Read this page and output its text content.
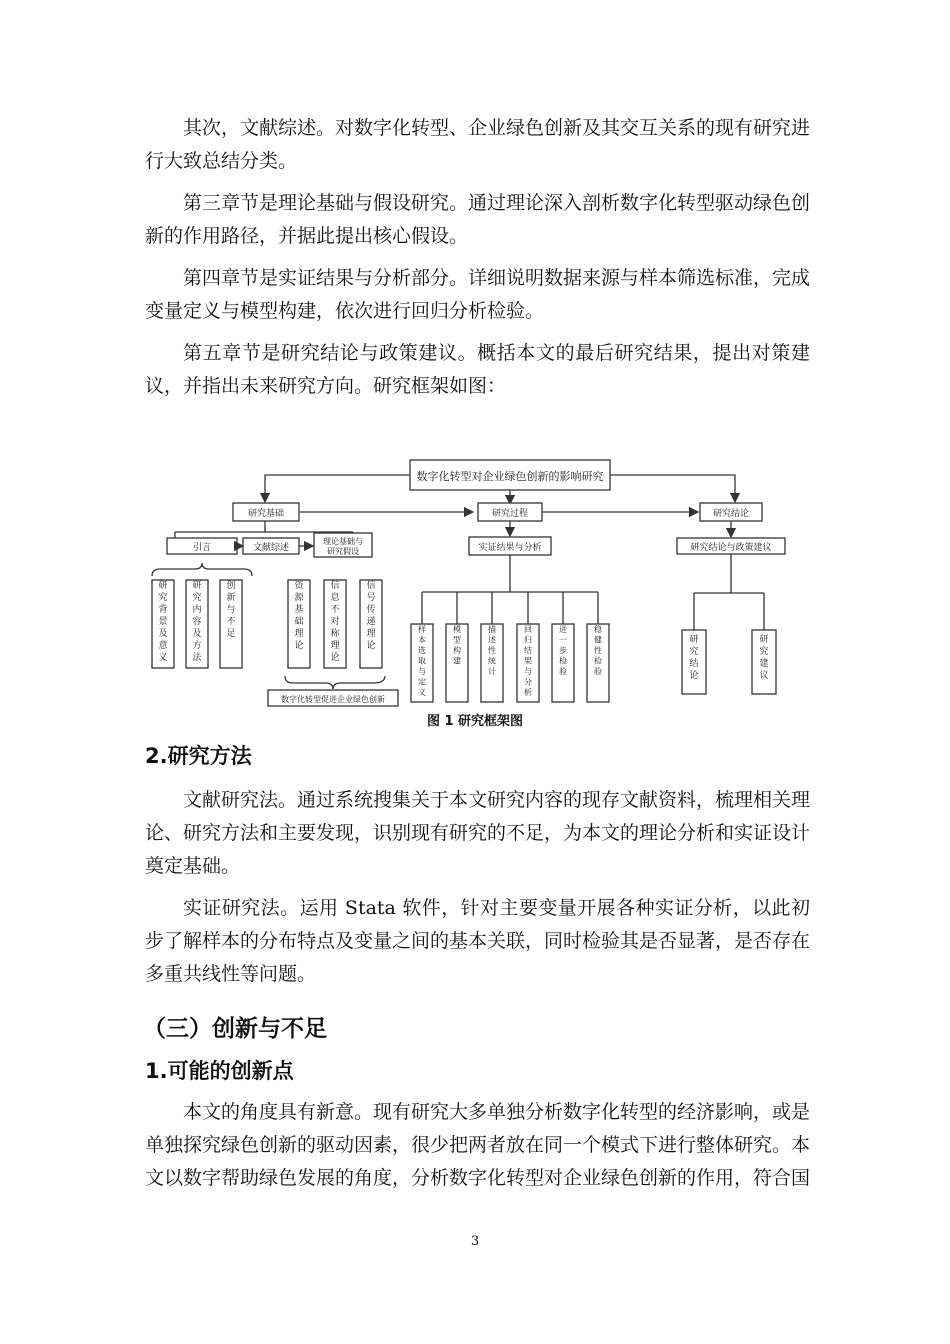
其次，文献综述。对数字化转型、企业绿色创新及其交互关系的现有研究进行大致总结分类。

第三章节是理论基础与假设研究。通过理论深入剖析数字化转型驱动绿色创新的作用路径，并据此提出核心假设。

第四章节是实证结果与分析部分。详细说明数据来源与样本筛选标准，完成变量定义与模型构建，依次进行回归分析检验。

第五章节是研究结论与政策建议。概括本文的最后研究结果，提出对策建议，并指出未来研究方向。研究框架如图：

数字化转型对企业绿色创新的影响研究
研究基础	研究过程	研究结论
引言	文献综述
理论基础与
研究假设
数字化转型促进企业绿色创新
实证结果与分析	研究结论与政策建议
研究背景及意义
研究内容及方法
创新与不足
资源基础理论
信息不对称理论
信号传递理论
样本选取与定义
模型构建
描述性统计
回归结果与分析
进一步检验
稳健性检验
研究结论
研究建议
图 1 研究框架图
2.研究方法

文献研究法。通过系统搜集关于本文研究内容的现存文献资料，梳理相关理论、研究方法和主要发现，识别现有研究的不足，为本文的理论分析和实证设计奠定基础。

实证研究法。运用 Stata 软件，针对主要变量开展各种实证分析，以此初步了解样本的分布特点及变量之间的基本关联，同时检验其是否显著，是否存在多重共线性等问题。

（三）创新与不足
1.可能的创新点

本文的角度具有新意。现有研究大多单独分析数字化转型的经济影响，或是单独探究绿色创新的驱动因素，很少把两者放在同一个模式下进行整体研究。本文以数字帮助绿色发展的角度，分析数字化转型对企业绿色创新的作用，符合国

3
